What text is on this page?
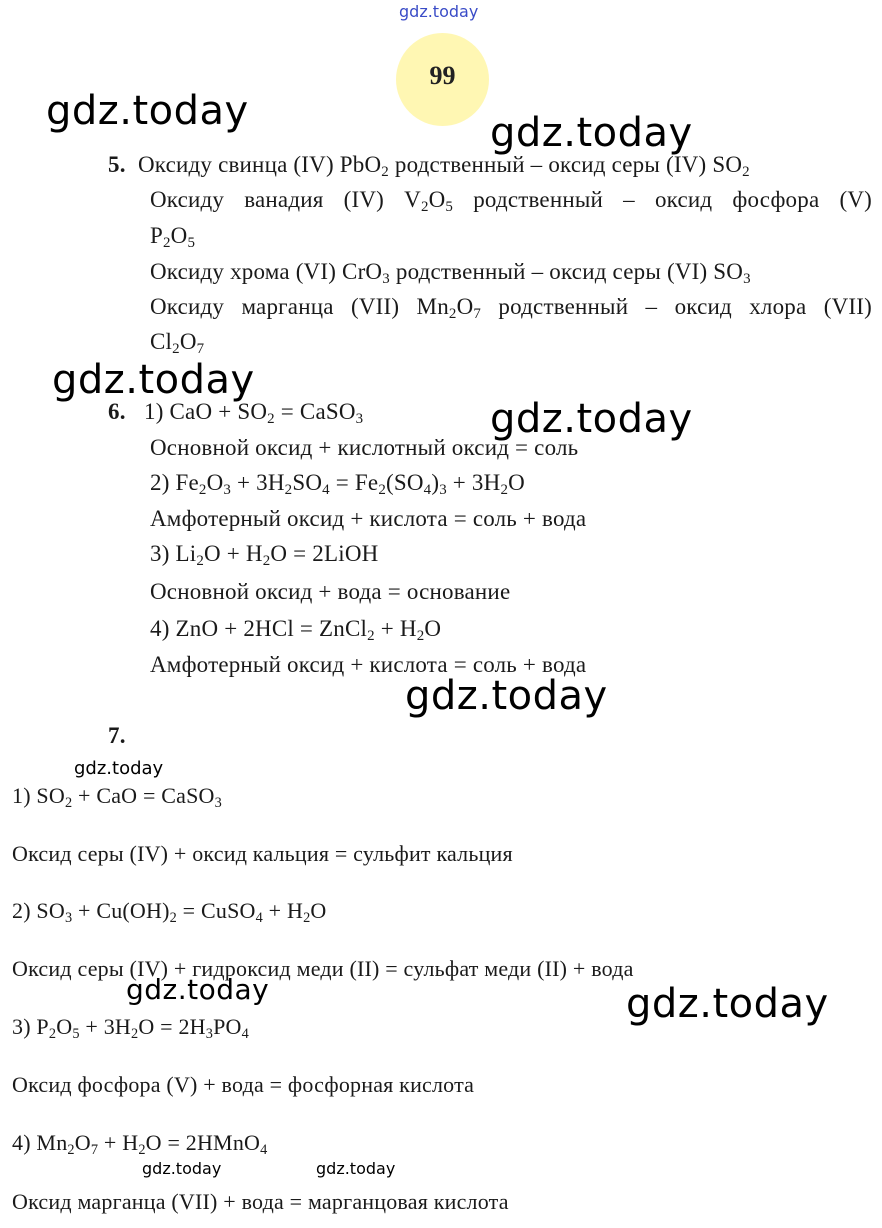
gdz.today
99
5. Оксиду свинца (IV) PbO$_2$ родственный – оксид серы (IV) $SO_2$
Оксиду ванадия (IV) $V_2O_5$ родственный – оксид фосфора (V)
$P_2O_5$
Оксиду хрома (VI) CrO$_3$ родственный – оксид серы (VI) $SO_3$
Оксиду марганца (VII) $Mn_2O_7$ родственный – оксид хлора (VII)
$Cl_2O_7$
6. 1) CaO + $SO_2$ = CaSO$_3$
Основной оксид + кислотный оксид = соль
2) $Fe_2O_3 + 3H_2SO_4 = Fe_2(SO_4)_3 + 3H_2O$
Амфотерный оксид + кислота = соль + вода
3) $Li_2O + H_2O$ = 2LiOH
Основной оксид + вода = основание
4) ZnO + 2HCl = ZnCl$_2$ + $H_2O$
Амфотерный оксид + кислота = соль + вода
7.
1) $SO_2$ + CaO = CaSO$_3$
Оксид серы (IV) + оксид кальция = сульфит кальция
2) $SO_3 + Cu(OH)_2$ = CuSO$_4$ + $H_2O$
Оксид серы (IV) + гидроксид меди (II) = сульфат меди (II) + вода
3) $P_2O_5 + 3H_2O = 2H_3PO_4$
Оксид фосфора (V) + вода = фосфорная кислота
4) $Mn_2O_7 + H_2O$ = 2HMnO$_4$
Оксид марганца (VII) + вода = марганцовая кислота
gdz.today	gdz.today
gdz.today
gdz.today
gdz.today
gdz.today
gdz.today	gdz.today
gdz.today	gdz.today
